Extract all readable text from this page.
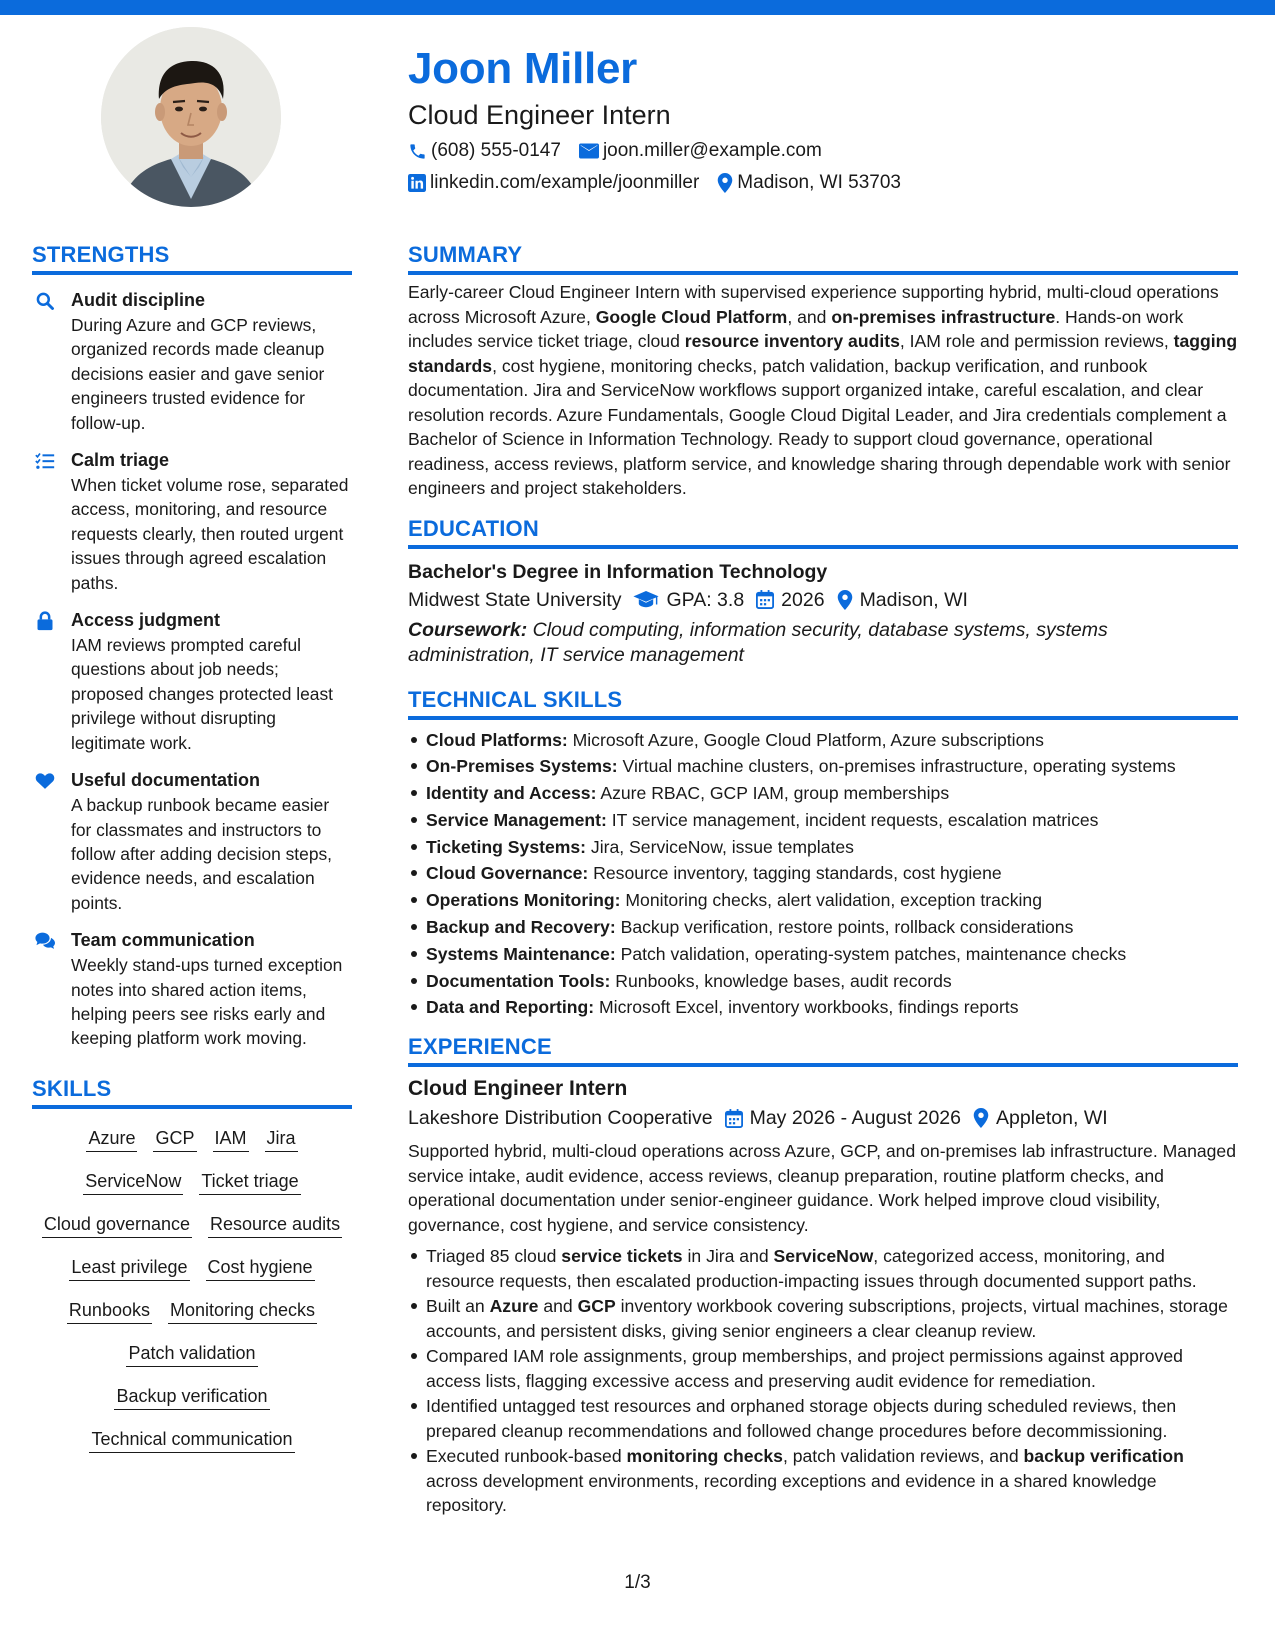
Joon Miller
Cloud Engineer Intern
(608) 555-0147 joon.miller@example.com
linkedin.com/example/joonmiller Madison, WI 53703
STRENGTHS
Audit discipline
During Azure and GCP reviews, organized records made cleanup decisions easier and gave senior engineers trusted evidence for follow-up.
Calm triage
When ticket volume rose, separated access, monitoring, and resource requests clearly, then routed urgent issues through agreed escalation paths.
Access judgment
IAM reviews prompted careful questions about job needs; proposed changes protected least privilege without disrupting legitimate work.
Useful documentation
A backup runbook became easier for classmates and instructors to follow after adding decision steps, evidence needs, and escalation points.
Team communication
Weekly stand-ups turned exception notes into shared action items, helping peers see risks early and keeping platform work moving.
SKILLS
Azure GCP IAM Jira
ServiceNow Ticket triage
Cloud governance Resource audits
Least privilege Cost hygiene
Runbooks Monitoring checks
Patch validation
Backup verification
Technical communication
SUMMARY

Early-career Cloud Engineer Intern with supervised experience supporting hybrid, multi-cloud operations across Microsoft Azure, Google Cloud Platform, and on-premises infrastructure. Hands-on work includes service ticket triage, cloud resource inventory audits, IAM role and permission reviews, tagging standards, cost hygiene, monitoring checks, patch validation, backup verification, and runbook documentation. Jira and ServiceNow workflows support organized intake, careful escalation, and clear resolution records. Azure Fundamentals, Google Cloud Digital Leader, and Jira credentials complement a Bachelor of Science in Information Technology. Ready to support cloud governance, operational readiness, access reviews, platform service, and knowledge sharing through dependable work with senior engineers and project stakeholders.

EDUCATION
Bachelor's Degree in Information Technology
Midwest State University GPA: 3.8 2026 Madison, WI
Coursework: Cloud computing, information security, database systems, systems administration, IT service management
TECHNICAL SKILLS
Cloud Platforms: Microsoft Azure, Google Cloud Platform, Azure subscriptions
On-Premises Systems: Virtual machine clusters, on-premises infrastructure, operating systems
Identity and Access: Azure RBAC, GCP IAM, group memberships
Service Management: IT service management, incident requests, escalation matrices
Ticketing Systems: Jira, ServiceNow, issue templates
Cloud Governance: Resource inventory, tagging standards, cost hygiene
Operations Monitoring: Monitoring checks, alert validation, exception tracking
Backup and Recovery: Backup verification, restore points, rollback considerations
Systems Maintenance: Patch validation, operating-system patches, maintenance checks
Documentation Tools: Runbooks, knowledge bases, audit records
Data and Reporting: Microsoft Excel, inventory workbooks, findings reports
EXPERIENCE
Cloud Engineer Intern
Lakeshore Distribution Cooperative May 2026 - August 2026 Appleton, WI

Supported hybrid, multi-cloud operations across Azure, GCP, and on-premises lab infrastructure. Managed service intake, audit evidence, access reviews, cleanup preparation, routine platform checks, and operational documentation under senior-engineer guidance. Work helped improve cloud visibility, governance, cost hygiene, and service consistency.

Triaged 85 cloud service tickets in Jira and ServiceNow, categorized access, monitoring, and resource requests, then escalated production-impacting issues through documented support paths.
Built an Azure and GCP inventory workbook covering subscriptions, projects, virtual machines, storage accounts, and persistent disks, giving senior engineers a clear cleanup review.
Compared IAM role assignments, group memberships, and project permissions against approved access lists, flagging excessive access and preserving audit evidence for remediation.
Identified untagged test resources and orphaned storage objects during scheduled reviews, then prepared cleanup recommendations and followed change procedures before decommissioning.
Executed runbook-based monitoring checks, patch validation reviews, and backup verification across development environments, recording exceptions and evidence in a shared knowledge repository.
1/3
